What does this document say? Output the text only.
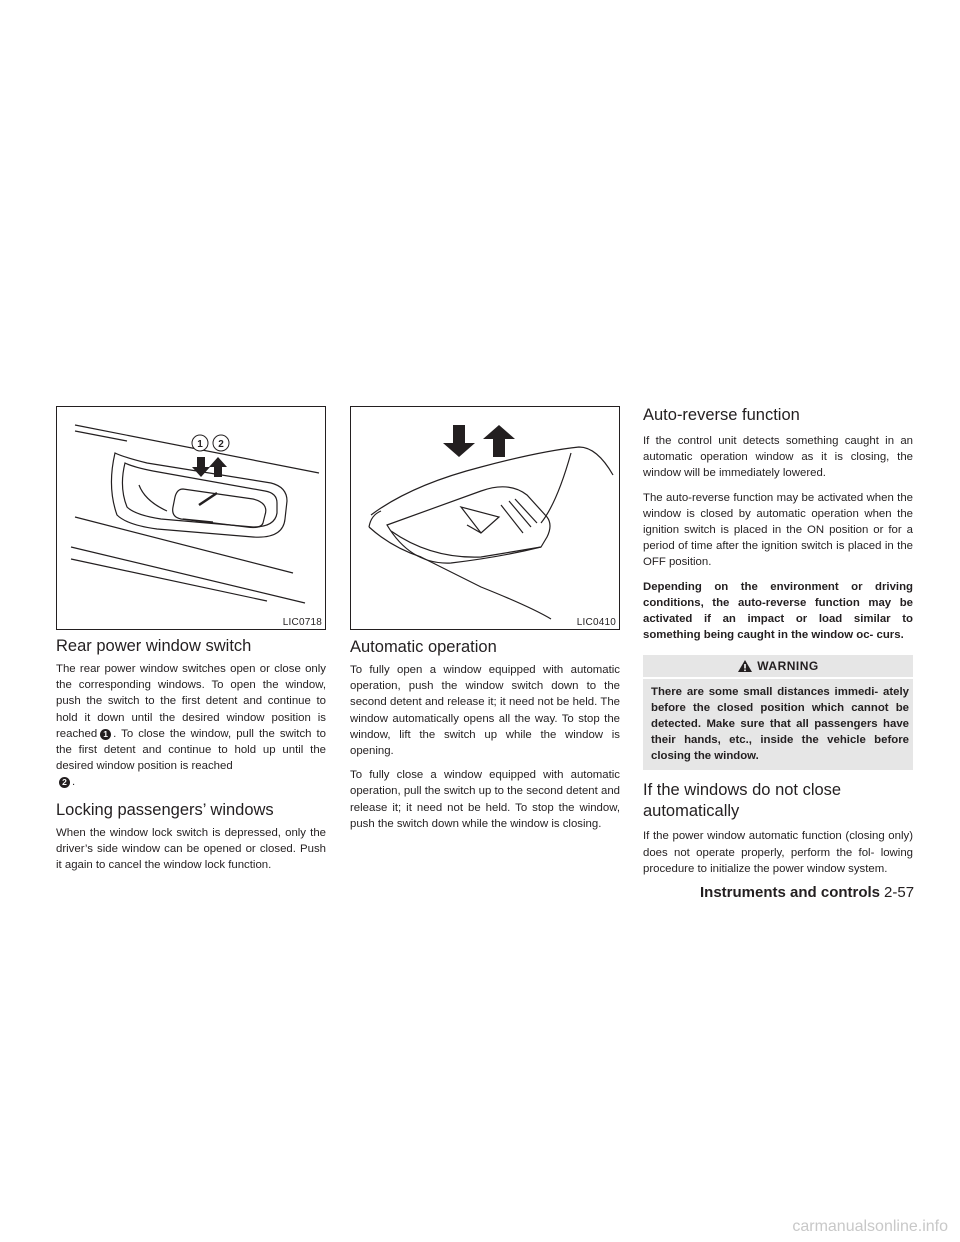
1 2
LIC0718	LIC0410
Rear power window switch

The rear power window switches open or close only the corresponding windows. To open the window, push the switch to the first detent and continue to hold it down until the desired window position is reached 1 . To close the window, pull the switch to the first detent and continue to hold up until the desired window position is reached
2 .

Locking passengers’ windows

When the window lock switch is depressed, only the driver’s side window can be opened or closed. Push it again to cancel the window lock function.

Automatic operation

To fully open a window equipped with automatic operation, push the window switch down to the second detent and release it; it need not be held. The window automatically opens all the way. To stop the window, lift the switch up while the window is opening.

To fully close a window equipped with automatic operation, pull the switch up to the second detent and release it; it need not be held. To stop the window, push the switch down while the window is closing.

Auto-reverse function

If the control unit detects something caught in an automatic operation window as it is closing, the window will be immediately lowered.

The auto-reverse function may be activated when the window is closed by automatic operation when the ignition switch is placed in the ON position or for a period of time after the ignition switch is placed in the OFF position.

Depending on the environment or driving conditions, the auto-reverse function may be activated if an impact or load similar to something being caught in the window oc- curs.

WARNING
There are some small distances immedi- ately before the closed position which cannot be detected. Make sure that all passengers have their hands, etc., inside the vehicle before closing the window.
If the windows do not close automatically

If the power window automatic function (closing only) does not operate properly, perform the fol- lowing procedure to initialize the power window system.

Instruments and controls 2-57
carmanualsonline.info
